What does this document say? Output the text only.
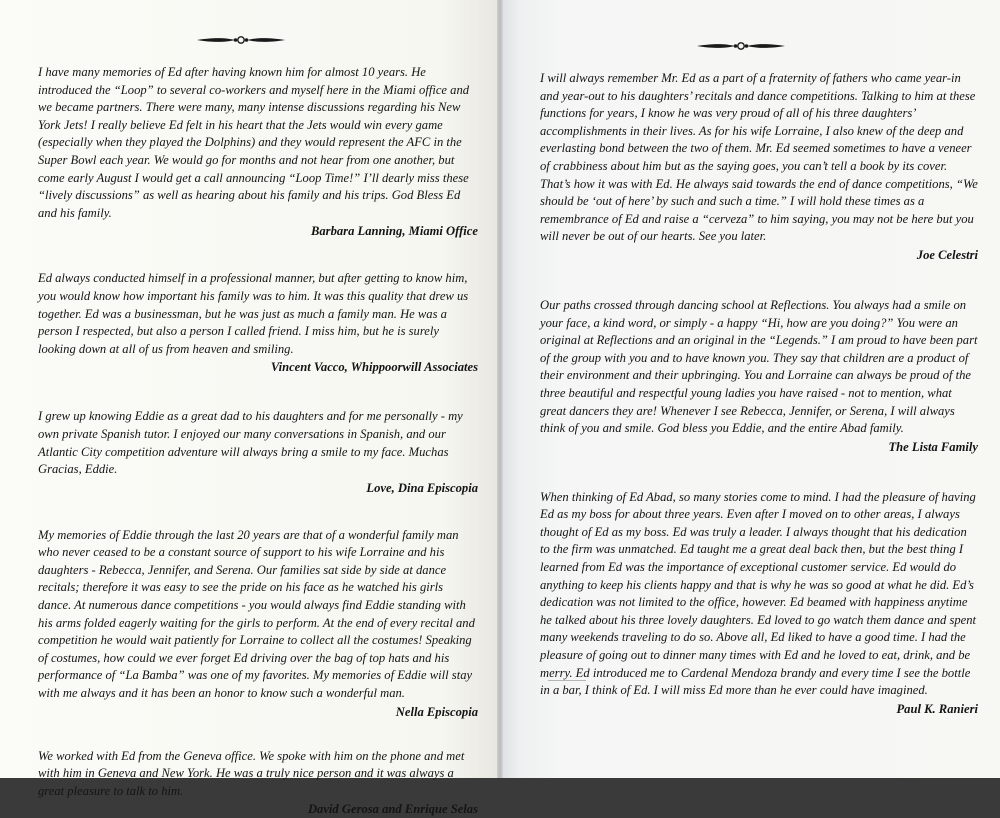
I have many memories of Ed after having known him for almost 10 years. He introduced the “Loop” to several co-workers and myself here in the Miami office and we became partners. There were many, many intense discussions regarding his New York Jets! I really believe Ed felt in his heart that the Jets would win every game (especially when they played the Dolphins) and they would represent the AFC in the Super Bowl each year. We would go for months and not hear from one another, but come early August I would get a call announcing “Loop Time!” I’ll dearly miss these “lively discussions” as well as hearing about his family and his trips. God Bless Ed and his family.

Barbara Lanning, Miami Office

Ed always conducted himself in a professional manner, but after getting to know him, you would know how important his family was to him. It was this quality that drew us together. Ed was a businessman, but he was just as much a family man. He was a person I respected, but also a person I called friend. I miss him, but he is surely looking down at all of us from heaven and smiling.

Vincent Vacco, Whippoorwill Associates

I grew up knowing Eddie as a great dad to his daughters and for me personally - my own private Spanish tutor. I enjoyed our many conversations in Spanish, and our Atlantic City competition adventure will always bring a smile to my face. Muchas Gracias, Eddie.

Love, Dina Episcopia

My memories of Eddie through the last 20 years are that of a wonderful family man who never ceased to be a constant source of support to his wife Lorraine and his daughters - Rebecca, Jennifer, and Serena. Our families sat side by side at dance recitals; therefore it was easy to see the pride on his face as he watched his girls dance. At numerous dance competitions - you would always find Eddie standing with his arms folded eagerly waiting for the girls to perform. At the end of every recital and competition he would wait patiently for Lorraine to collect all the costumes! Speaking of costumes, how could we ever forget Ed driving over the bag of top hats and his performance of “La Bamba” was one of my favorites. My memories of Eddie will stay with me always and it has been an honor to know such a wonderful man.

Nella Episcopia

We worked with Ed from the Geneva office. We spoke with him on the phone and met with him in Geneva and New York. He was a truly nice person and it was always a great pleasure to talk to him.

David Gerosa and Enrique Selas

I will always remember Mr. Ed as a part of a fraternity of fathers who came year-in and year-out to his daughters’ recitals and dance competitions. Talking to him at these functions for years, I know he was very proud of all of his three daughters’ accomplishments in their lives. As for his wife Lorraine, I also knew of the deep and everlasting bond between the two of them. Mr. Ed seemed sometimes to have a veneer of crabbiness about him but as the saying goes, you can’t tell a book by its cover. That’s how it was with Ed. He always said towards the end of dance competitions, “We should be ‘out of here’ by such and such a time.” I will hold these times as a remembrance of Ed and raise a “cerveza” to him saying, you may not be here but you will never be out of our hearts. See you later.

Joe Celestri

Our paths crossed through dancing school at Reflections. You always had a smile on your face, a kind word, or simply - a happy “Hi, how are you doing?” You were an original at Reflections and an original in the “Legends.” I am proud to have been part of the group with you and to have known you. They say that children are a product of their environment and their upbringing. You and Lorraine can always be proud of the three beautiful and respectful young ladies you have raised - not to mention, what great dancers they are! Whenever I see Rebecca, Jennifer, or Serena, I will always think of you and smile. God bless you Eddie, and the entire Abad family.

The Lista Family

When thinking of Ed Abad, so many stories come to mind. I had the pleasure of having Ed as my boss for about three years. Even after I moved on to other areas, I always thought of Ed as my boss. Ed was truly a leader. I always thought that his dedication to the firm was unmatched. Ed taught me a great deal back then, but the best thing I learned from Ed was the importance of exceptional customer service. Ed would do anything to keep his clients happy and that is why he was so good at what he did. Ed’s dedication was not limited to the office, however. Ed beamed with happiness anytime he talked about his three lovely daughters. Ed loved to go watch them dance and spent many weekends traveling to do so. Above all, Ed liked to have a good time. I had the pleasure of going out to dinner many times with Ed and he loved to eat, drink, and be merry. Ed introduced me to Cardenal Mendoza brandy and every time I see the bottle in a bar, I think of Ed. I will miss Ed more than he ever could have imagined.

Paul K. Ranieri
